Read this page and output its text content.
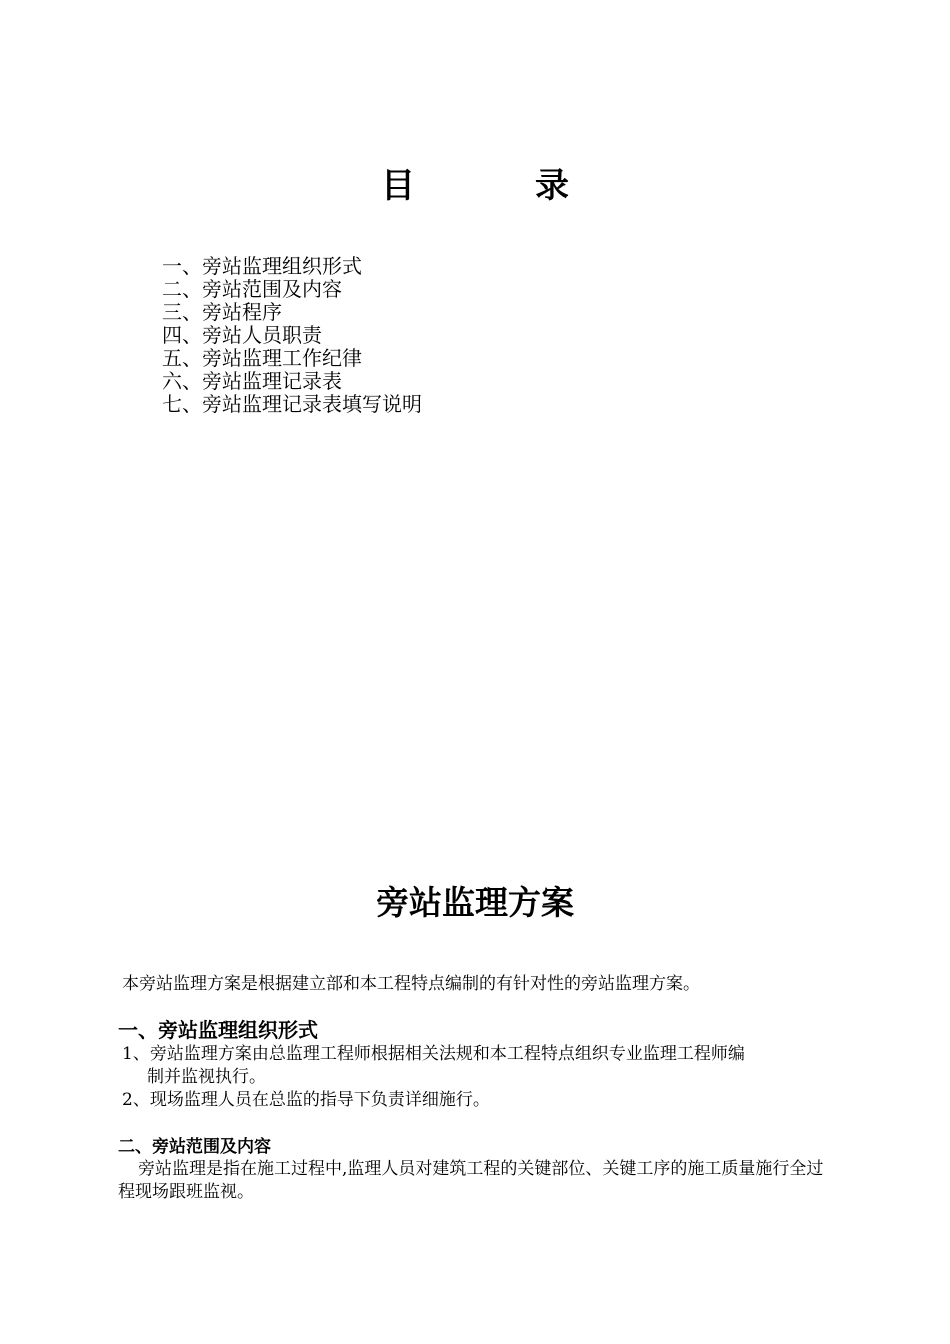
目	录
一、旁站监理组织形式
二、旁站范围及内容
三、旁站程序
四、旁站人员职责
五、旁站监理工作纪律
六、旁站监理记录表
七、旁站监理记录表填写说明
旁站监理方案

本旁站监理方案是根据建立部和本工程特点编制的有针对性的旁站监理方案。

一、旁站监理组织形式

1、旁站监理方案由总监理工程师根据相关法规和本工程特点组织专业监理工程师编
制并监视执行。

2、现场监理人员在总监的指导下负责详细施行。

二、旁站范围及内容

旁站监理是指在施工过程中,监理人员对建筑工程的关键部位、关键工序的施工质量施行全过程现场跟班监视。
